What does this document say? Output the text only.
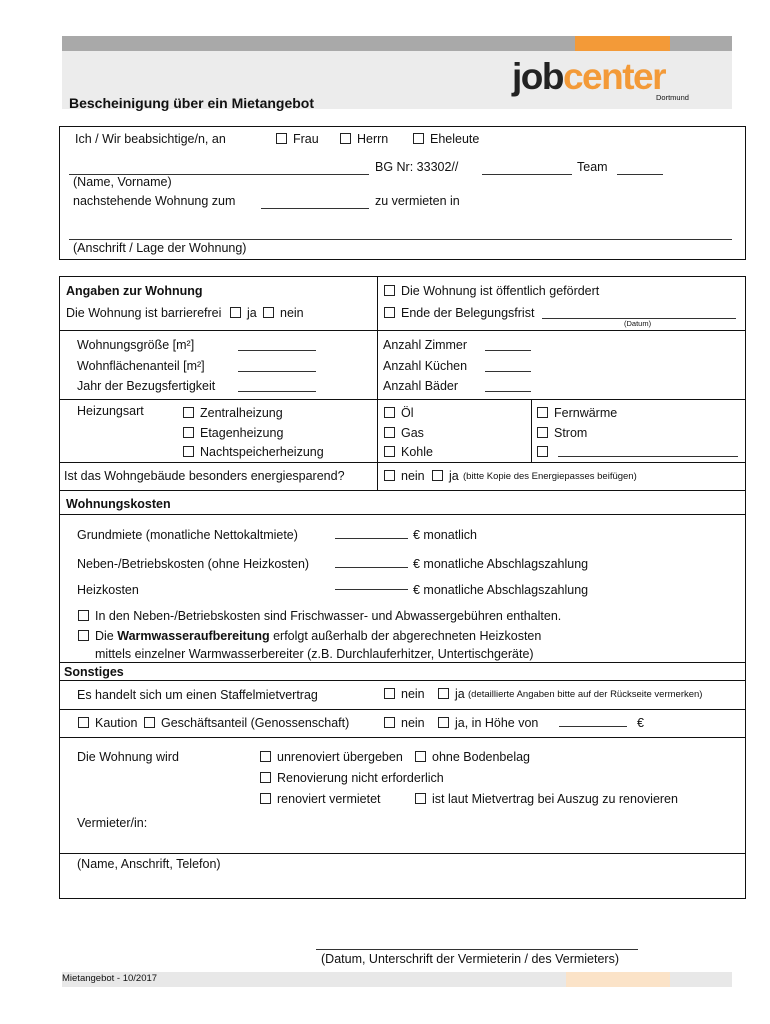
jobcenter
Dortmund
Bescheinigung über ein Mietangebot
Ich / Wir beabsichtige/n, an	Frau	Herrn	Eheleute
BG Nr: 33302//	Team
(Name, Vorname)
nachstehende Wohnung zum	zu vermieten in
(Anschrift / Lage der Wohnung)
Angaben zur Wohnung
Die Wohnung ist barrierefrei ja nein
Die Wohnung ist öffentlich gefördert
Ende der Belegungsfrist
(Datum)
Wohnungsgröße [m²]
Wohnflächenanteil [m²]
Jahr der Bezugsfertigkeit
Anzahl Zimmer
Anzahl Küchen
Anzahl Bäder
Heizungsart	Zentralheizung
Etagenheizung
Nachtspeicherheizung
Öl
Gas
Kohle
Fernwärme
Strom
Ist das Wohngebäude besonders energiesparend?	nein ja (bitte Kopie des Energiepasses beifügen)
Wohnungskosten
Grundmiete (monatliche Nettokaltmiete)	€ monatlich
Neben-/Betriebskosten (ohne Heizkosten)	€ monatliche Abschlagszahlung
Heizkosten	€ monatliche Abschlagszahlung
In den Neben-/Betriebskosten sind Frischwasser- und Abwassergebühren enthalten.
Die Warmwasseraufbereitung erfolgt außerhalb der abgerechneten Heizkosten
mittels einzelner Warmwasserbereiter (z.B. Durchlauferhitzer, Untertischgeräte)
Sonstiges
Es handelt sich um einen Staffelmietvertrag	nein ja (detaillierte Angaben bitte auf der Rückseite vermerken)
Kaution Geschäftsanteil (Genossenschaft)	nein ja, in Höhe von	€
Die Wohnung wird	unrenoviert übergeben ohne Bodenbelag
Renovierung nicht erforderlich
renoviert vermietet	ist laut Mietvertrag bei Auszug zu renovieren
Vermieter/in:
(Name, Anschrift, Telefon)
(Datum, Unterschrift der Vermieterin / des Vermieters)
Mietangebot - 10/2017
